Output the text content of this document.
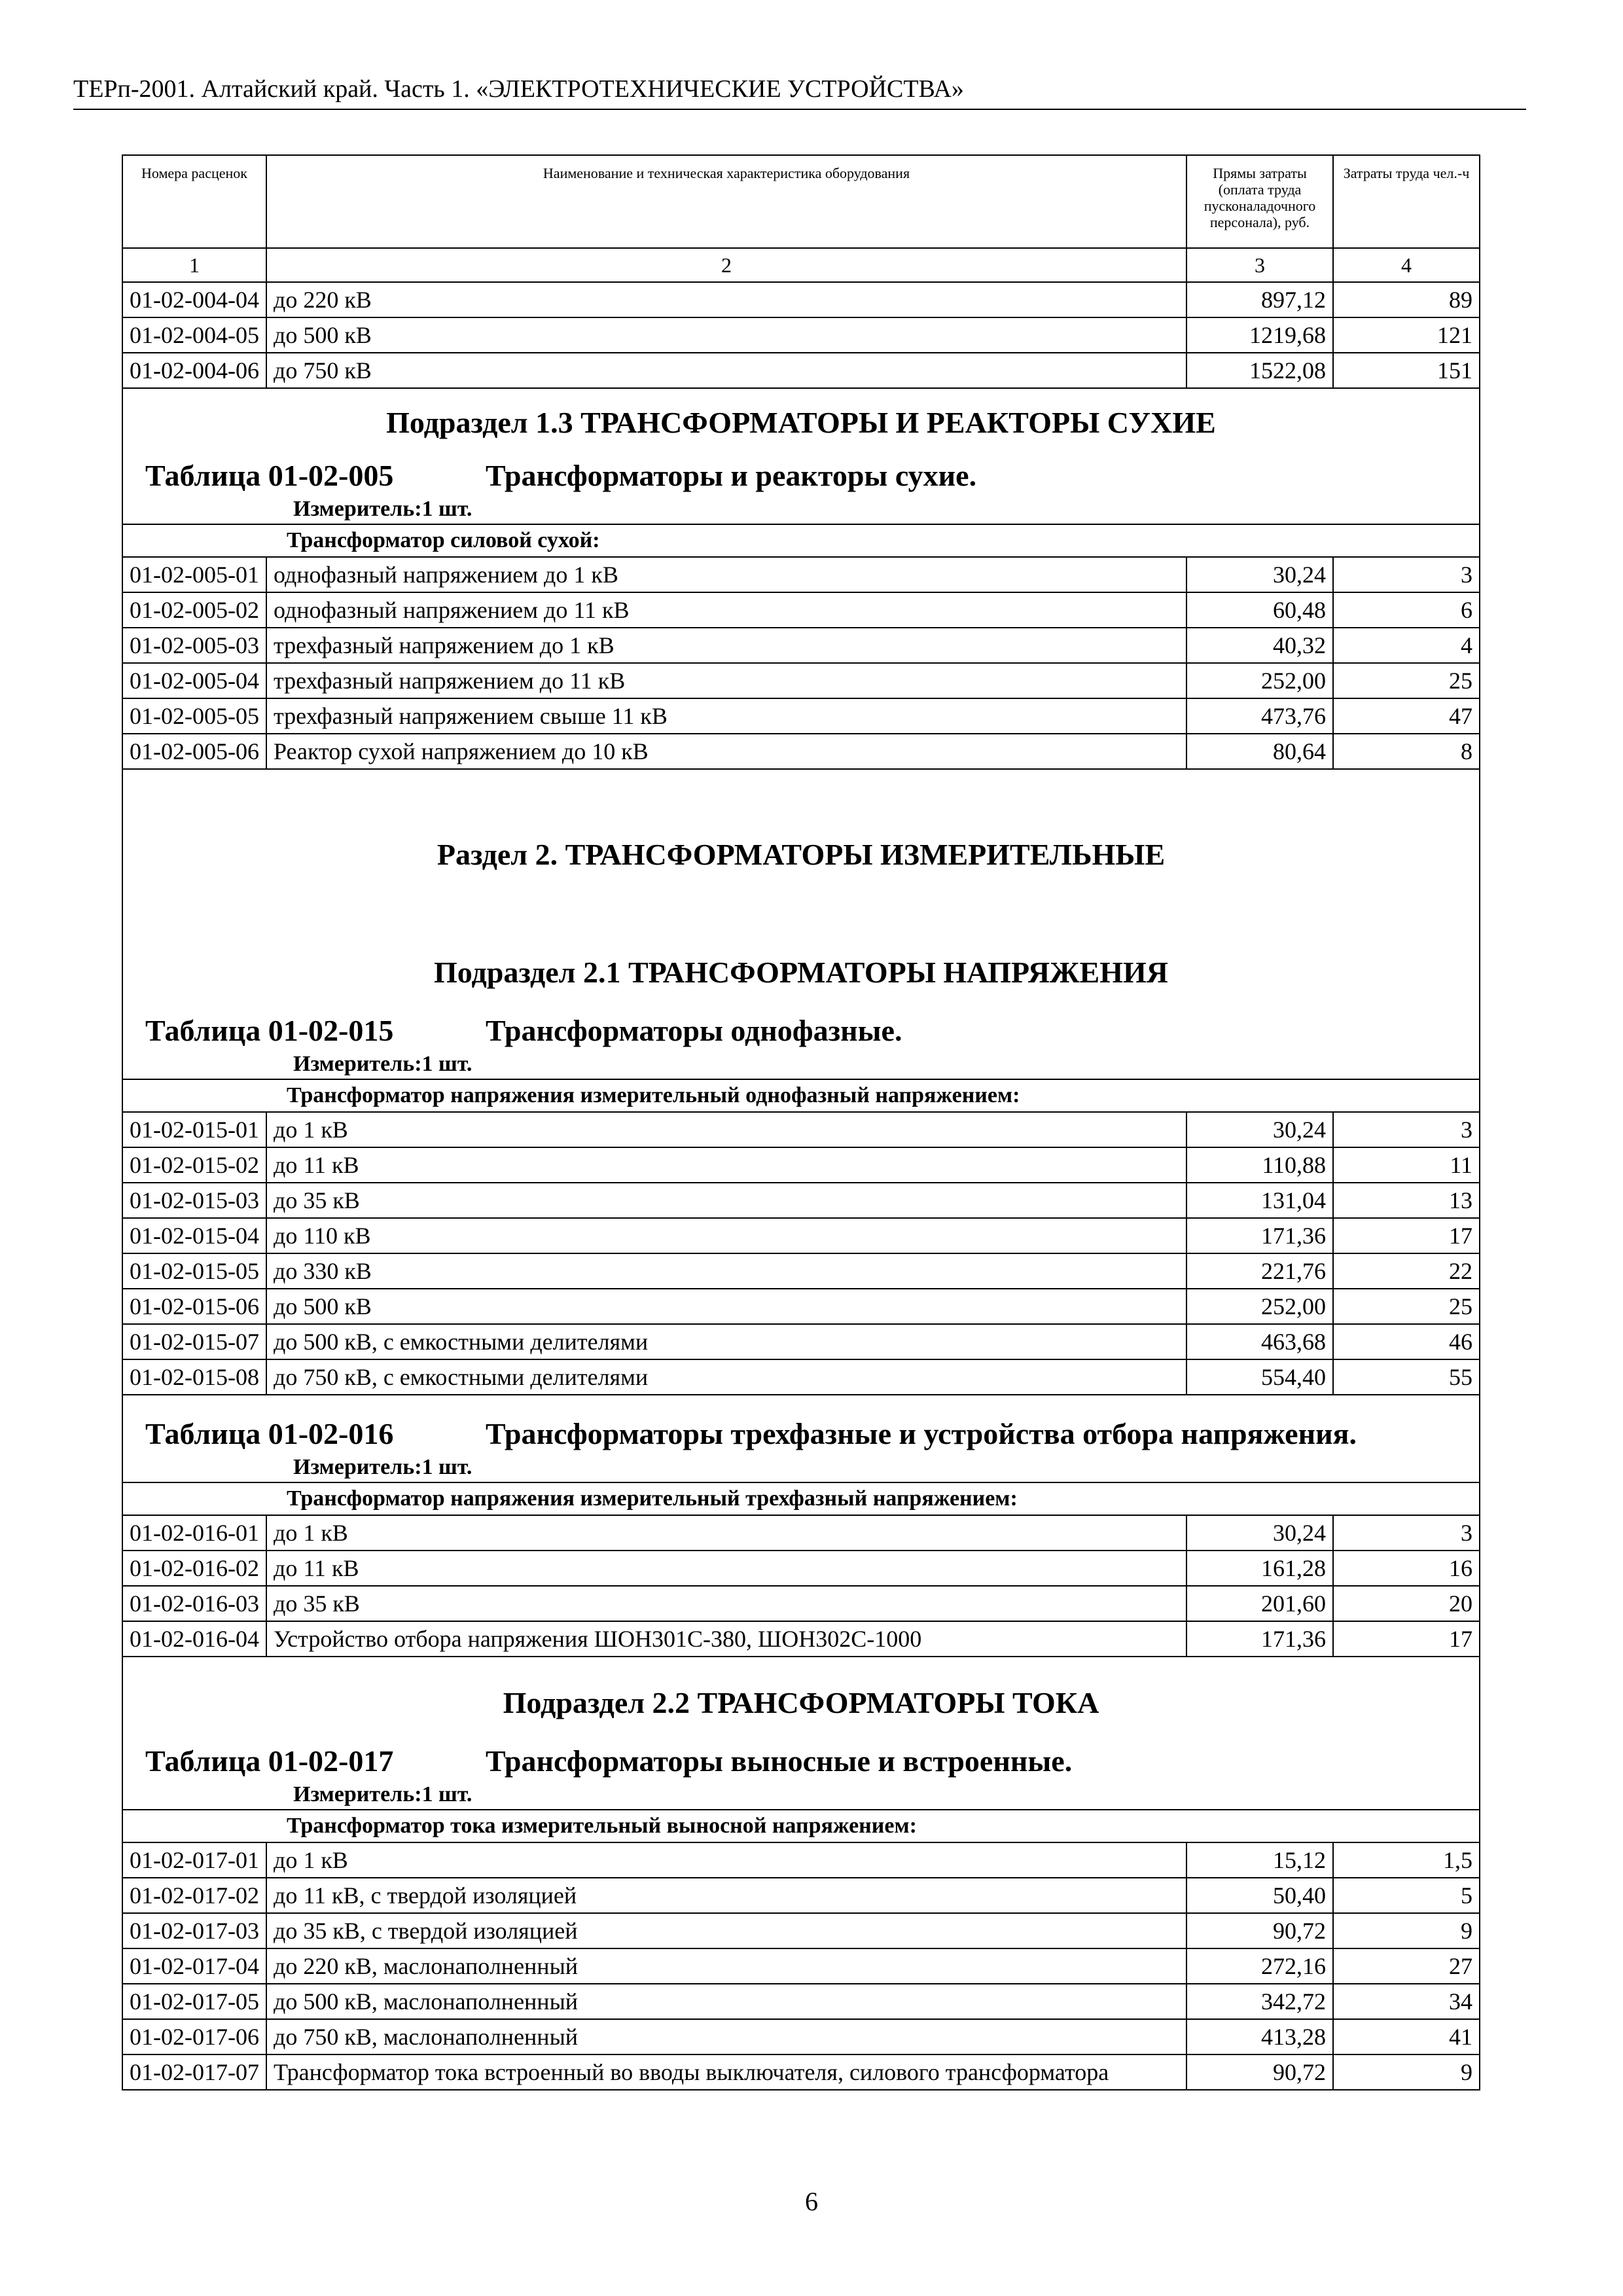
ТЕРп-2001. Алтайский край. Часть 1. «ЭЛЕКТРОТЕХНИЧЕСКИЕ УСТРОЙСТВА»
Номера расценок	Наименование и техническая характеристика оборудования	Прямы затраты (оплата труда пусконаладочного персонала), руб.	Затраты труда чел.-ч
1	2	3	4
01-02-004-04	до 220 кВ	897,12	89
01-02-004-05	до 500 кВ	1219,68	121
01-02-004-06	до 750 кВ	1522,08	151

Подраздел 1.3 ТРАНСФОРМАТОРЫ И РЕАКТОРЫ СУХИЕ
Таблица 01-02-005 Трансформаторы и реакторы сухие.
Измеритель:1 шт.			

Трансформатор силовой сухой:			
01-02-005-01	однофазный напряжением до 1 кВ	30,24	3
01-02-005-02	однофазный напряжением до 11 кВ	60,48	6
01-02-005-03	трехфазный напряжением до 1 кВ	40,32	4
01-02-005-04	трехфазный напряжением до 11 кВ	252,00	25
01-02-005-05	трехфазный напряжением свыше 11 кВ	473,76	47
01-02-005-06	Реактор сухой напряжением до 10 кВ	80,64	8

Раздел 2. ТРАНСФОРМАТОРЫ ИЗМЕРИТЕЛЬНЫЕ
Подраздел 2.1 ТРАНСФОРМАТОРЫ НАПРЯЖЕНИЯ
Таблица 01-02-015 Трансформаторы однофазные.
Измеритель:1 шт.			

Трансформатор напряжения измерительный однофазный напряжением:			
01-02-015-01	до 1 кВ	30,24	3
01-02-015-02	до 11 кВ	110,88	11
01-02-015-03	до 35 кВ	131,04	13
01-02-015-04	до 110 кВ	171,36	17
01-02-015-05	до 330 кВ	221,76	22
01-02-015-06	до 500 кВ	252,00	25
01-02-015-07	до 500 кВ, с емкостными делителями	463,68	46
01-02-015-08	до 750 кВ, с емкостными делителями	554,40	55

Таблица 01-02-016 Трансформаторы трехфазные и устройства отбора напряжения.
Измеритель:1 шт.			

Трансформатор напряжения измерительный трехфазный напряжением:			
01-02-016-01	до 1 кВ	30,24	3
01-02-016-02	до 11 кВ	161,28	16
01-02-016-03	до 35 кВ	201,60	20
01-02-016-04	Устройство отбора напряжения ШОН301С-380, ШОН302С-1000	171,36	17

Подраздел 2.2 ТРАНСФОРМАТОРЫ ТОКА
Таблица 01-02-017 Трансформаторы выносные и встроенные.
Измеритель:1 шт.			

Трансформатор тока измерительный выносной напряжением:			
01-02-017-01	до 1 кВ	15,12	1,5
01-02-017-02	до 11 кВ, с твердой изоляцией	50,40	5
01-02-017-03	до 35 кВ, с твердой изоляцией	90,72	9
01-02-017-04	до 220 кВ, маслонаполненный	272,16	27
01-02-017-05	до 500 кВ, маслонаполненный	342,72	34
01-02-017-06	до 750 кВ, маслонаполненный	413,28	41
01-02-017-07	Трансформатор тока встроенный во вводы выключателя, силового трансформатора	90,72	9
6
